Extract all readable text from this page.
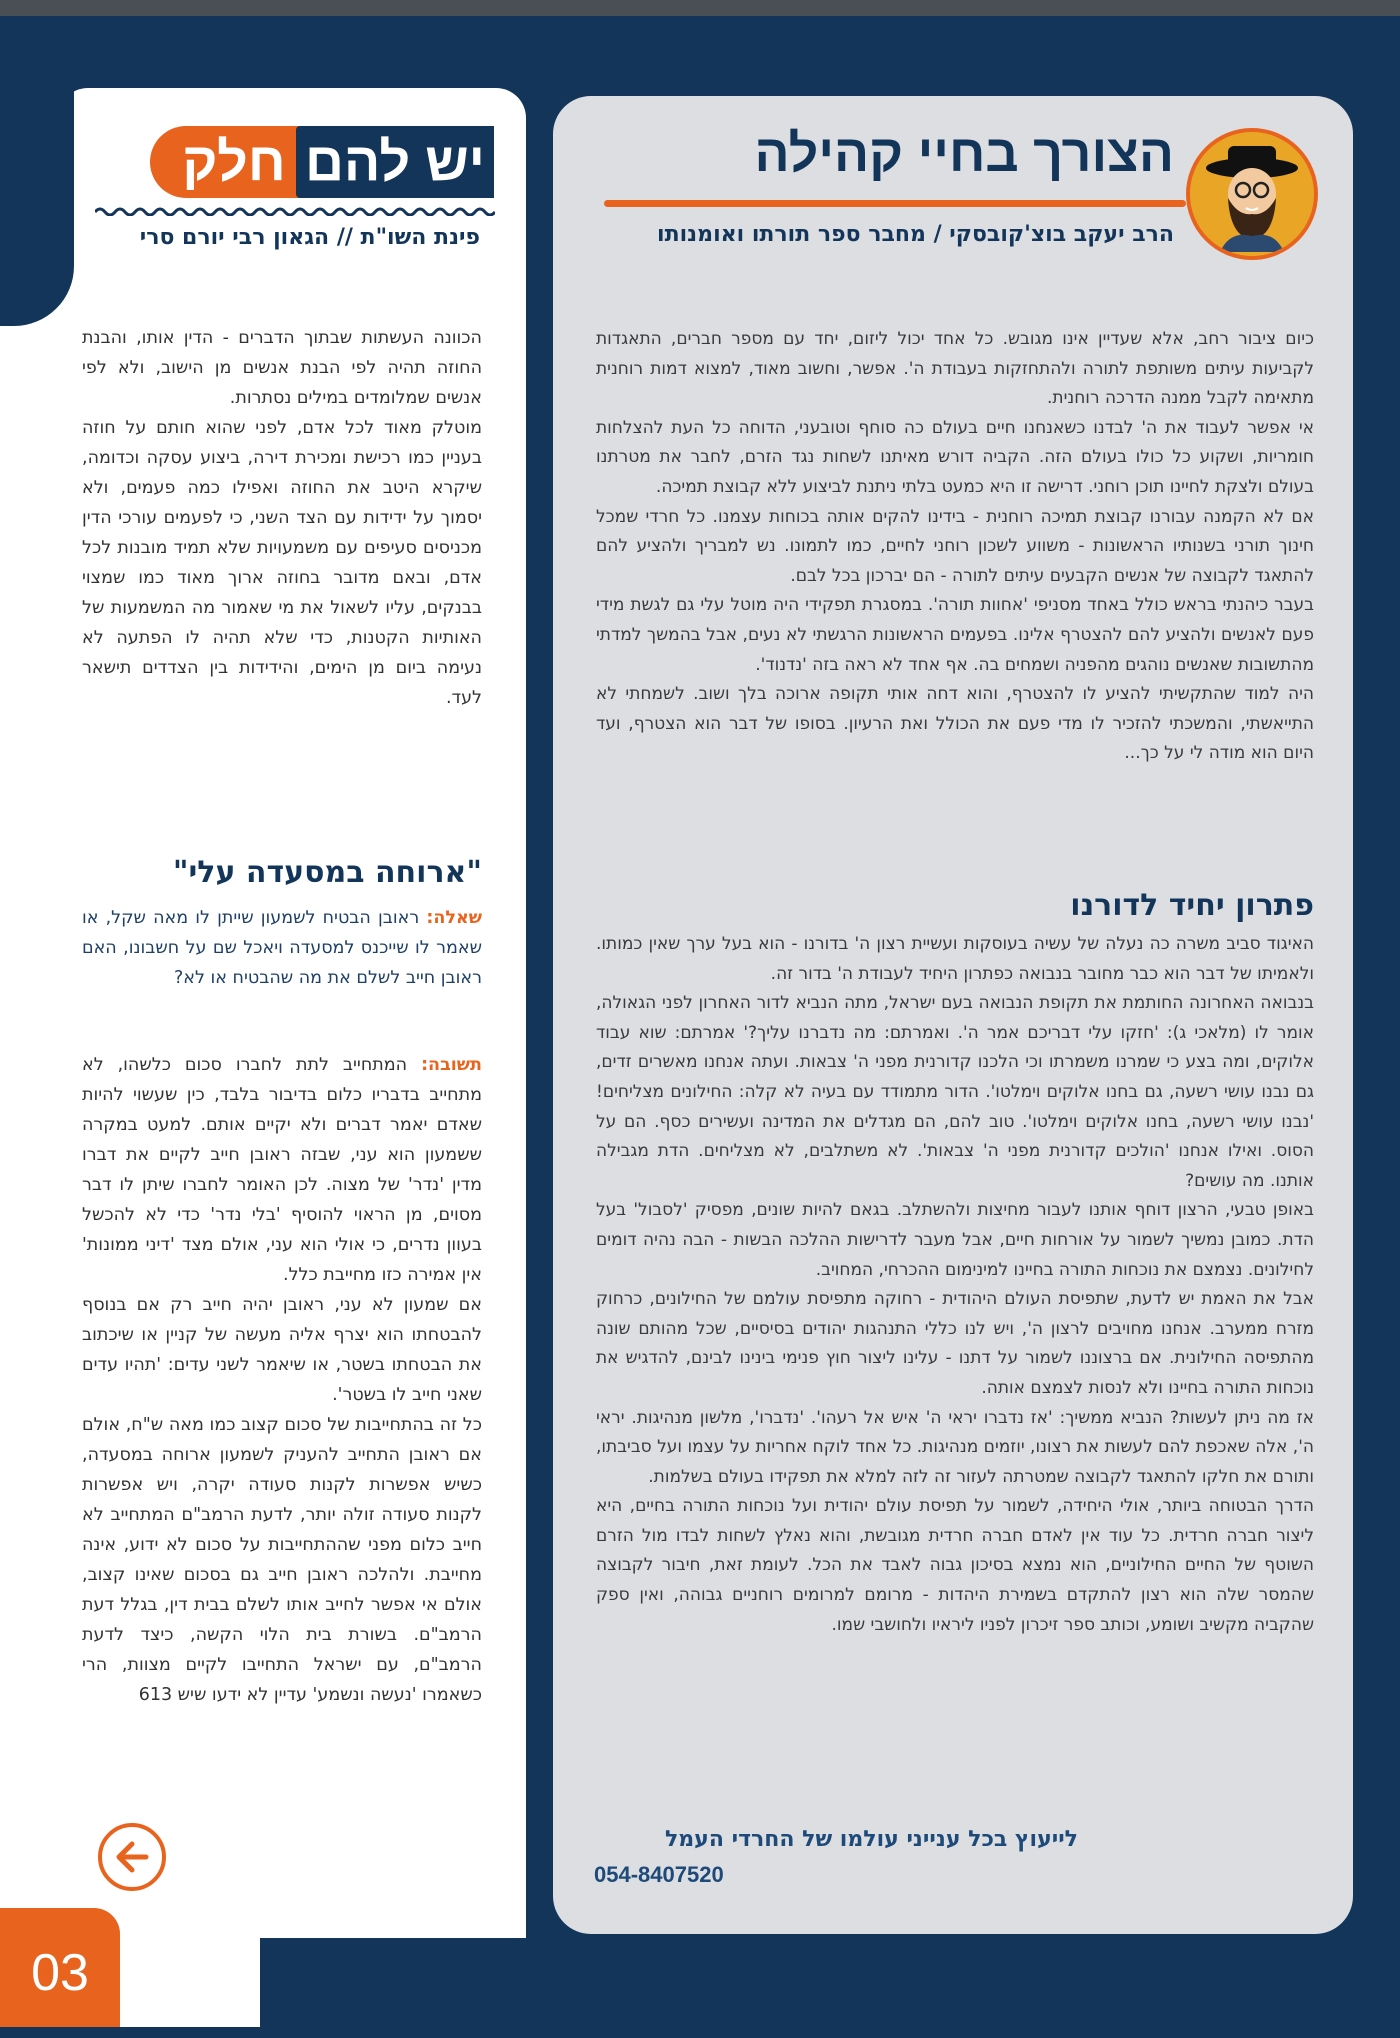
חלק יש להם
פינת השו"ת // הגאון רבי יורם סרי

הכוונה העשתות שבתוך הדברים - הדין אותו, והבנת החוזה תהיה לפי הבנת אנשים מן הישוב, ולא לפי אנשים שמלומדים במילים נסתרות.

מוטלק מאוד לכל אדם, לפני שהוא חותם על חוזה בעניין כמו רכישת ומכירת דירה, ביצוע עסקה וכדומה, שיקרא היטב את החוזה ואפילו כמה פעמים, ולא יסמוך על ידידות עם הצד השני, כי לפעמים עורכי הדין מכניסים סעיפים עם משמעויות שלא תמיד מובנות לכל אדם, ובאם מדובר בחוזה ארוך מאוד כמו שמצוי בבנקים, עליו לשאול את מי שאמור מה המשמעות של האותיות הקטנות, כדי שלא תהיה לו הפתעה לא נעימה ביום מן הימים, והידידות בין הצדדים תישאר לעד.

"ארוחה במסעדה עלי"

שאלה: ראובן הבטיח לשמעון שייתן לו מאה שקל, או שאמר לו שייכנס למסעדה ויאכל שם על חשבונו, האם ראובן חייב לשלם את מה שהבטיח או לא?

תשובה: המתחייב לתת לחברו סכום כלשהו, לא מתחייב בדבריו כלום בדיבור בלבד, כין שעשוי להיות שאדם יאמר דברים ולא יקיים אותם. למעט במקרה ששמעון הוא עני, שבזה ראובן חייב לקיים את דברו מדין 'נדר' של מצוה. לכן האומר לחברו שיתן לו דבר מסוים, מן הראוי להוסיף 'בלי נדר' כדי לא להכשל בעוון נדרים, כי אולי הוא עני, אולם מצד 'דיני ממונות' אין אמירה כזו מחייבת כלל.

אם שמעון לא עני, ראובן יהיה חייב רק אם בנוסף להבטחתו הוא יצרף אליה מעשה של קניין או שיכתוב את הבטחתו בשטר, או שיאמר לשני עדים: 'תהיו עדים שאני חייב לו בשטר'.

כל זה בהתחייבות של סכום קצוב כמו מאה ש"ח, אולם אם ראובן התחייב להעניק לשמעון ארוחה במסעדה, כשיש אפשרות לקנות סעודה יקרה, ויש אפשרות לקנות סעודה זולה יותר, לדעת הרמב"ם המתחייב לא חייב כלום מפני שההתחייבות על סכום לא ידוע, אינה מחייבת. ולהלכה ראובן חייב גם בסכום שאינו קצוב, אולם אי אפשר לחייב אותו לשלם בבית דין, בגלל דעת הרמב"ם. בשורת בית הלוי הקשה, כיצד לדעת הרמב"ם, עם ישראל התחייבו לקיים מצוות, הרי כשאמרו 'נעשה ונשמע' עדיין לא ידעו שיש 613

03
הצורך בחיי קהילה
הרב יעקב בוצ'קובסקי / מחבר ספר תורתו ואומנותו

כיום ציבור רחב, אלא שעדיין אינו מגובש. כל אחד יכול ליזום, יחד עם מספר חברים, התאגדות לקביעות עיתים משותפת לתורה ולהתחזקות בעבודת ה'. אפשר, וחשוב מאוד, למצוא דמות רוחנית מתאימה לקבל ממנה הדרכה רוחנית.

אי אפשר לעבוד את ה' לבדנו כשאנחנו חיים בעולם כה סוחף וטובעני, הדוחה כל העת להצלחות חומריות, ושקוע כל כולו בעולם הזה. הקביה דורש מאיתנו לשחות נגד הזרם, לחבר את מטרתנו בעולם ולצקת לחיינו תוכן רוחני. דרישה זו היא כמעט בלתי ניתנת לביצוע ללא קבוצת תמיכה.

אם לא הקמנה עבורנו קבוצת תמיכה רוחנית - בידינו להקים אותה בכוחות עצמנו. כל חרדי שמכל חינוך תורני בשנותיו הראשונות - משווע לשכון רוחני לחיים, כמו לתמונו. נש למבריך ולהציע להם להתאגד לקבוצה של אנשים הקבעים עיתים לתורה - הם יברכון בכל לבם.

בעבר כיהנתי בראש כולל באחד מסניפי 'אחוות תורה'. במסגרת תפקידי היה מוטל עלי גם לגשת מידי פעם לאנשים ולהציע להם להצטרף אלינו. בפעמים הראשונות הרגשתי לא נעים, אבל בהמשך למדתי מהתשובות שאנשים נוהגים מהפניה ושמחים בה. אף אחד לא ראה בזה 'נדנוד'.

היה למוד שהתקשיתי להציע לו להצטרף, והוא דחה אותי תקופה ארוכה בלך ושוב. לשמחתי לא התייאשתי, והמשכתי להזכיר לו מדי פעם את הכולל ואת הרעיון. בסופו של דבר הוא הצטרף, ועד היום הוא מודה לי על כך...

פתרון יחיד לדורנו

האיגוד סביב משרה כה נעלה של עשיה בעוסקות ועשיית רצון ה' בדורנו - הוא בעל ערך שאין כמותו. ולאמיתו של דבר הוא כבר מחובר בנבואה כפתרון היחיד לעבודת ה' בדור זה.

בנבואה האחרונה החותמת את תקופת הנבואה בעם ישראל, מתה הנביא לדור האחרון לפני הגאולה, אומר לו (מלאכי ג): 'חזקו עלי דבריכם אמר ה'. ואמרתם: מה נדברנו עליך?' אמרתם: שוא עבוד אלוקים, ומה בצע כי שמרנו משמרתו וכי הלכנו קדורנית מפני ה' צבאות. ועתה אנחנו מאשרים זדים, גם נבנו עושי רשעה, גם בחנו אלוקים וימלטו'. הדור מתמודד עם בעיה לא קלה: החילונים מצליחים! 'נבנו עושי רשעה, בחנו אלוקים וימלטו'. טוב להם, הם מגדלים את המדינה ועשירים כסף. הם על הסוס. ואילו אנחנו 'הולכים קדורנית מפני ה' צבאות'. לא משתלבים, לא מצליחים. הדת מגבילה אותנו. מה עושים?

באופן טבעי, הרצון דוחף אותנו לעבור מחיצות ולהשתלב. בגאם להיות שונים, מפסיק 'לסבול' בעל הדת. כמובן נמשיך לשמור על אורחות חיים, אבל מעבר לדרישות ההלכה הבשות - הבה נהיה דומים לחילונים. נצמצם את נוכחות התורה בחיינו למינימום ההכרחי, המחויב.

אבל את האמת יש לדעת, שתפיסת העולם היהודית - רחוקה מתפיסת עולמם של החילונים, כרחוק מזרח ממערב. אנחנו מחויבים לרצון ה', ויש לנו כללי התנהגות יהודים בסיסיים, שכל מהותם שונה מהתפיסה החילונית. אם ברצוננו לשמור על דתנו - עלינו ליצור חוץ פנימי בינינו לבינם, להדגיש את נוכחות התורה בחיינו ולא לנסות לצמצם אותה.

אז מה ניתן לעשות? הנביא ממשיך: 'אז נדברו יראי ה' איש אל רעהו'. 'נדברו', מלשון מנהיגות. יראי ה', אלה שאכפת להם לעשות את רצונו, יוזמים מנהיגות. כל אחד לוקח אחריות על עצמו ועל סביבתו, ותורם את חלקו להתאגד לקבוצה שמטרתה לעזור זה לזה למלא את תפקידו בעולם בשלמות.

הדרך הבטוחה ביותר, אולי היחידה, לשמור על תפיסת עולם יהודית ועל נוכחות התורה בחיים, היא ליצור חברה חרדית. כל עוד אין לאדם חברה חרדית מגובשת, והוא נאלץ לשחות לבדו מול הזרם השוטף של החיים החילוניים, הוא נמצא בסיכון גבוה לאבד את הכל. לעומת זאת, חיבור לקבוצה שהמסר שלה הוא רצון להתקדם בשמירת היהדות - מרומם למרומים רוחניים גבוהה, ואין ספק שהקביה מקשיב ושומע, וכותב ספר זיכרון לפניו ליראיו ולחושבי שמו.

לייעוץ בכל ענייני עולמו של החרדי העמל
054-8407520
